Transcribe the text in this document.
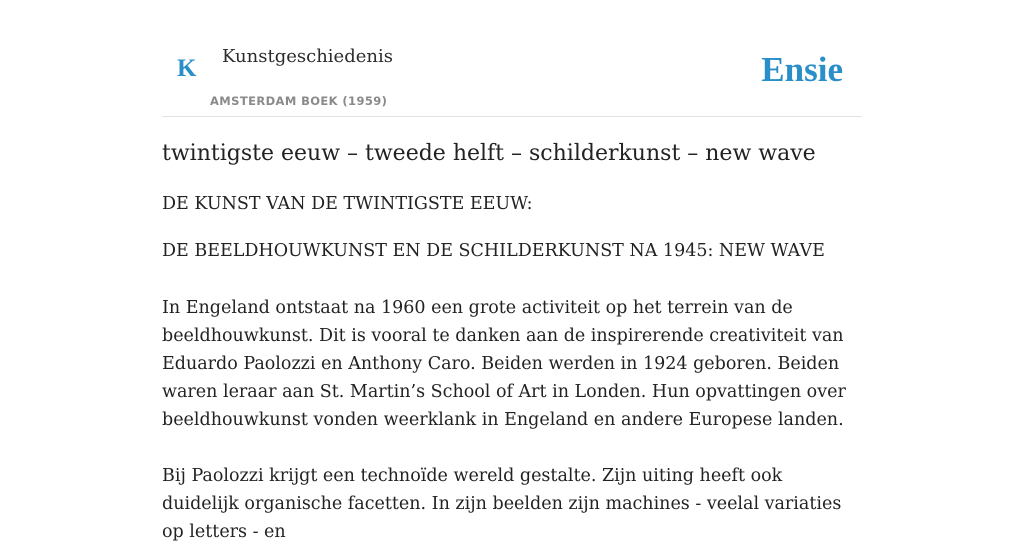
K Kunstgeschiedenis
AMSTERDAM BOEK (1959)
Ensie
twintigste eeuw – tweede helft – schilderkunst – new wave

DE KUNST VAN DE TWINTIGSTE EEUW:

DE BEELDHOUWKUNST EN DE SCHILDERKUNST NA 1945: NEW WAVE

In Engeland ontstaat na 1960 een grote activiteit op het terrein van de beeldhouwkunst. Dit is vooral te danken aan de inspirerende creativiteit van Eduardo Paolozzi en Anthony Caro. Beiden werden in 1924 geboren. Beiden waren leraar aan St. Martin’s School of Art in Londen. Hun opvattingen over beeldhouwkunst vonden weerklank in Engeland en andere Europese landen.

Bij Paolozzi krijgt een technoïde wereld gestalte. Zijn uiting heeft ook duidelijk organische facetten. In zijn beelden zijn machines - veelal variaties op letters - en
